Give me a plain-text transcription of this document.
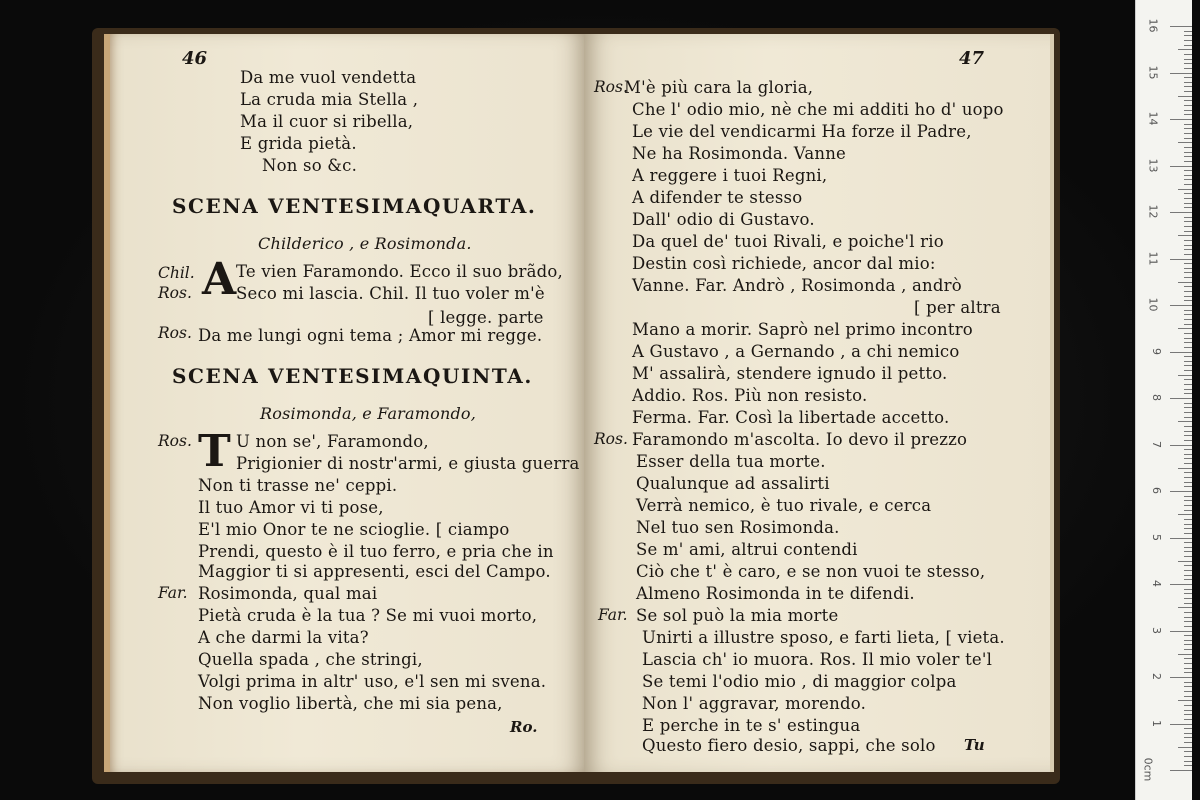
46
Da me vuol vendetta
La cruda mia Stella ,
Ma il cuor si ribella,
E grida pietà.
Non so &c.
SCENA VENTESIMAQUARTA.
Childerico , e Rosimonda.
Chil. A Te vien Faramondo. Ecco il suo brãdo,
Ros.	Seco mi lascia. Chil. Il tuo voler m'è
[ legge. parte
Ros. Da me lungi ogni tema ; Amor mi regge.
SCENA VENTESIMAQUINTA.
Rosimonda, e Faramondo,
Ros. T U non se', Faramondo,
Prigionier di nostr'armi, e giusta guerra
Non ti trasse ne' ceppi.
Il tuo Amor vi ti pose,
E'l mio Onor te ne scioglie. [ ciampo
Prendi, questo è il tuo ferro, e pria che in
Maggior ti si appresenti, esci del Campo.
Far. Rosimonda, qual mai
Pietà cruda è la tua ? Se mi vuoi morto,
A che darmi la vita?
Quella spada , che stringi,
Volgi prima in altr' uso, e'l sen mi svena.
Non voglio libertà, che mi sia pena,
Ro.
47
Ros.
M'è più cara la gloria,
Che l' odio mio, nè che mi additi ho d' uopo
Le vie del vendicarmi Ha forze il Padre,
Ne ha Rosimonda. Vanne
A reggere i tuoi Regni,
A difender te stesso
Dall' odio di Gustavo.
Da quel de' tuoi Rivali, e poiche'l rio
Destin così richiede, ancor dal mio:
Vanne. Far. Andrò , Rosimonda , andrò
[ per altra
Mano a morir. Saprò nel primo incontro
A Gustavo , a Gernando , a chi nemico
M' assalirà, stendere ignudo il petto.
Addio. Ros. Più non resisto.
Ferma. Far. Così la libertade accetto.
Ros. Faramondo m'ascolta. Io devo il prezzo
Esser della tua morte.
Qualunque ad assalirti
Verrà nemico, è tuo rivale, e cerca
Nel tuo sen Rosimonda.
Se m' ami, altrui contendi
Ciò che t' è caro, e se non vuoi te stesso,
Almeno Rosimonda in te difendi.
Far. Se sol può la mia morte
Unirti a illustre sposo, e farti lieta, [ vieta.
Lascia ch' io muora. Ros. Il mio voler te'l
Se temi l'odio mio , di maggior colpa
Non l' aggravar, morendo.
E perche in te s' estingua
Questo fiero desio, sappi, che solo Tu
0cm
1
2
3
4
5
6
7
8
9
10
11
12
13
14
15
16
